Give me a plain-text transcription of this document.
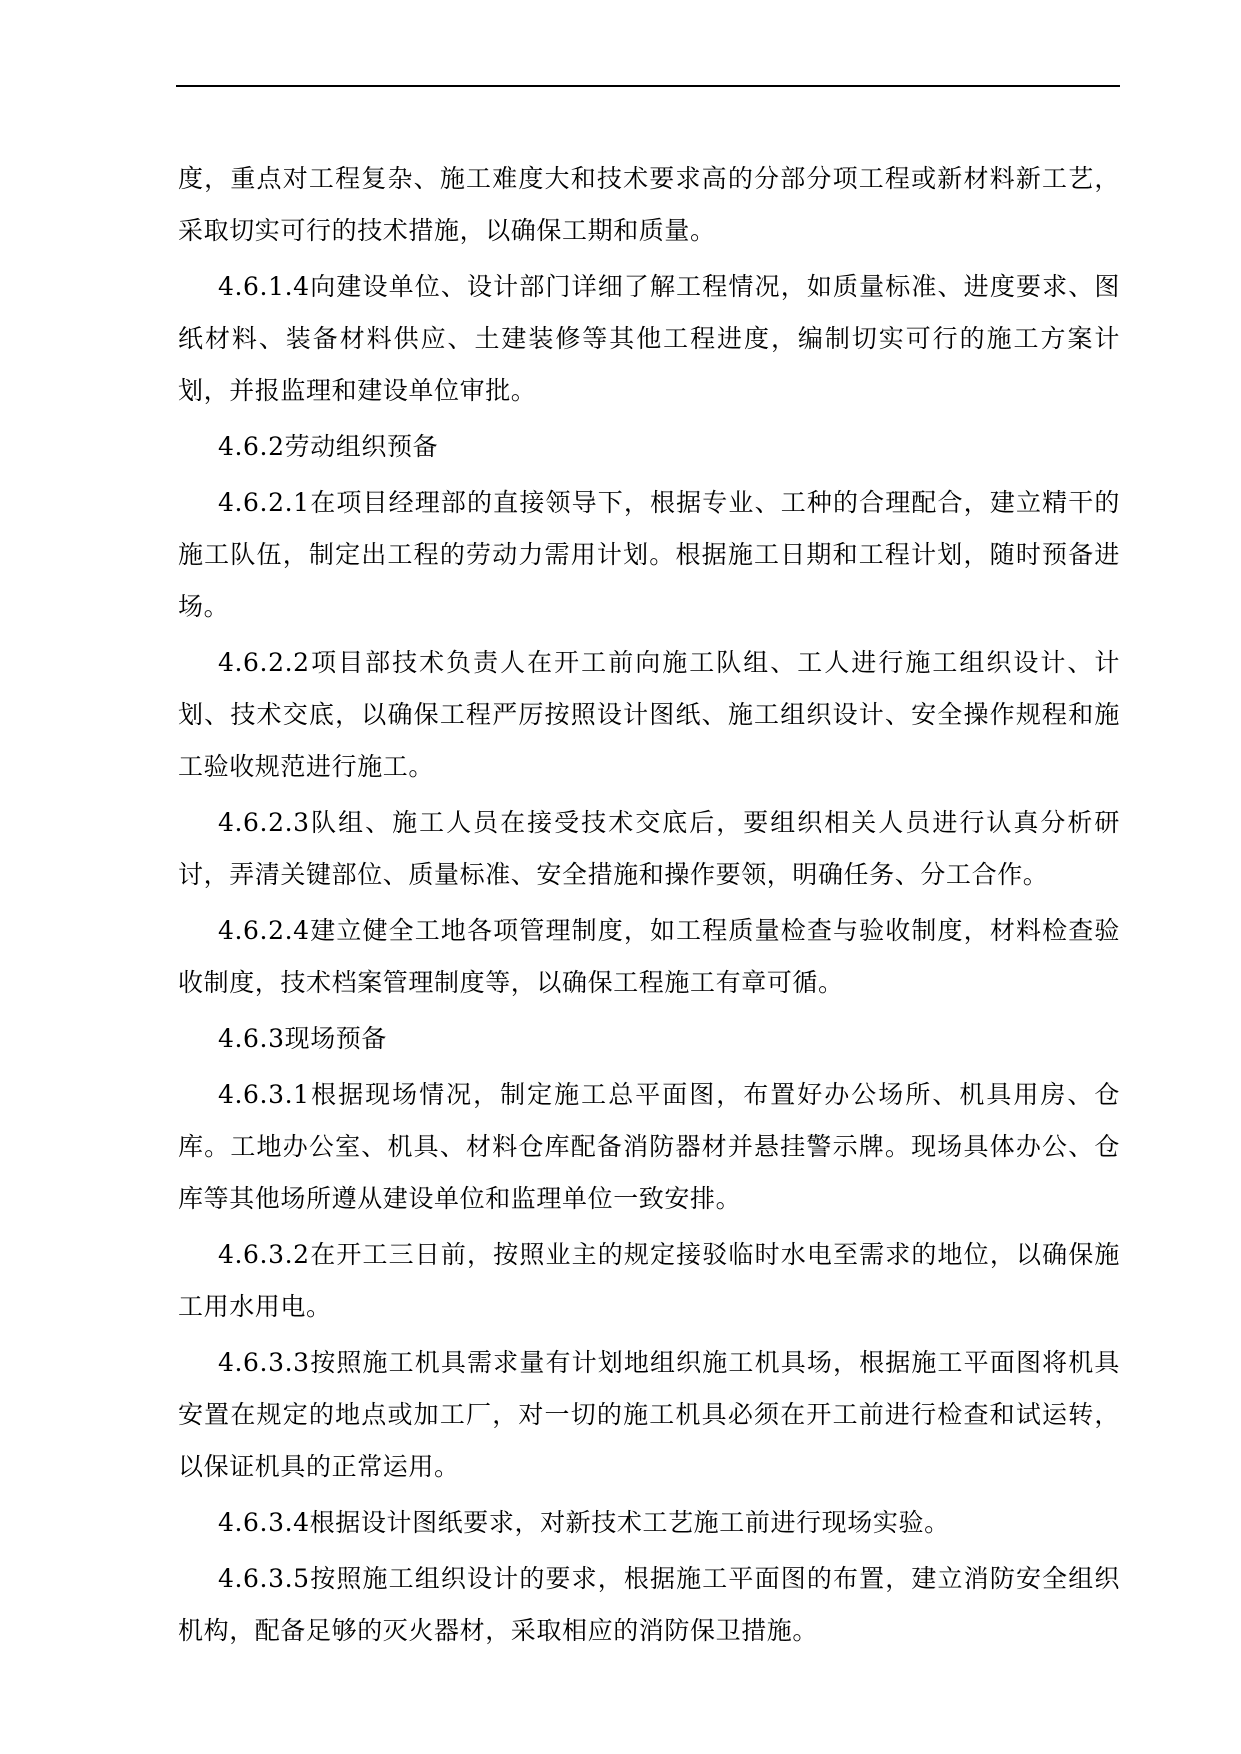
度，重点对工程复杂、施工难度大和技术要求高的分部分项工程或新材料新工艺，采取切实可行的技术措施，以确保工期和质量。

4.6.1.4向建设单位、设计部门详细了解工程情况，如质量标准、进度要求、图纸材料、装备材料供应、土建装修等其他工程进度，编制切实可行的施工方案计划，并报监理和建设单位审批。

4.6.2劳动组织预备

4.6.2.1在项目经理部的直接领导下，根据专业、工种的合理配合，建立精干的施工队伍，制定出工程的劳动力需用计划。根据施工日期和工程计划，随时预备进场。

4.6.2.2项目部技术负责人在开工前向施工队组、工人进行施工组织设计、计划、技术交底，以确保工程严厉按照设计图纸、施工组织设计、安全操作规程和施工验收规范进行施工。

4.6.2.3队组、施工人员在接受技术交底后，要组织相关人员进行认真分析研讨，弄清关键部位、质量标准、安全措施和操作要领，明确任务、分工合作。

4.6.2.4建立健全工地各项管理制度，如工程质量检查与验收制度，材料检查验收制度，技术档案管理制度等，以确保工程施工有章可循。

4.6.3现场预备

4.6.3.1根据现场情况，制定施工总平面图，布置好办公场所、机具用房、仓库。工地办公室、机具、材料仓库配备消防器材并悬挂警示牌。现场具体办公、仓库等其他场所遵从建设单位和监理单位一致安排。

4.6.3.2在开工三日前，按照业主的规定接驳临时水电至需求的地位，以确保施工用水用电。

4.6.3.3按照施工机具需求量有计划地组织施工机具场，根据施工平面图将机具安置在规定的地点或加工厂，对一切的施工机具必须在开工前进行检查和试运转，以保证机具的正常运用。

4.6.3.4根据设计图纸要求，对新技术工艺施工前进行现场实验。

4.6.3.5按照施工组织设计的要求，根据施工平面图的布置，建立消防安全组织机构，配备足够的灭火器材，采取相应的消防保卫措施。
